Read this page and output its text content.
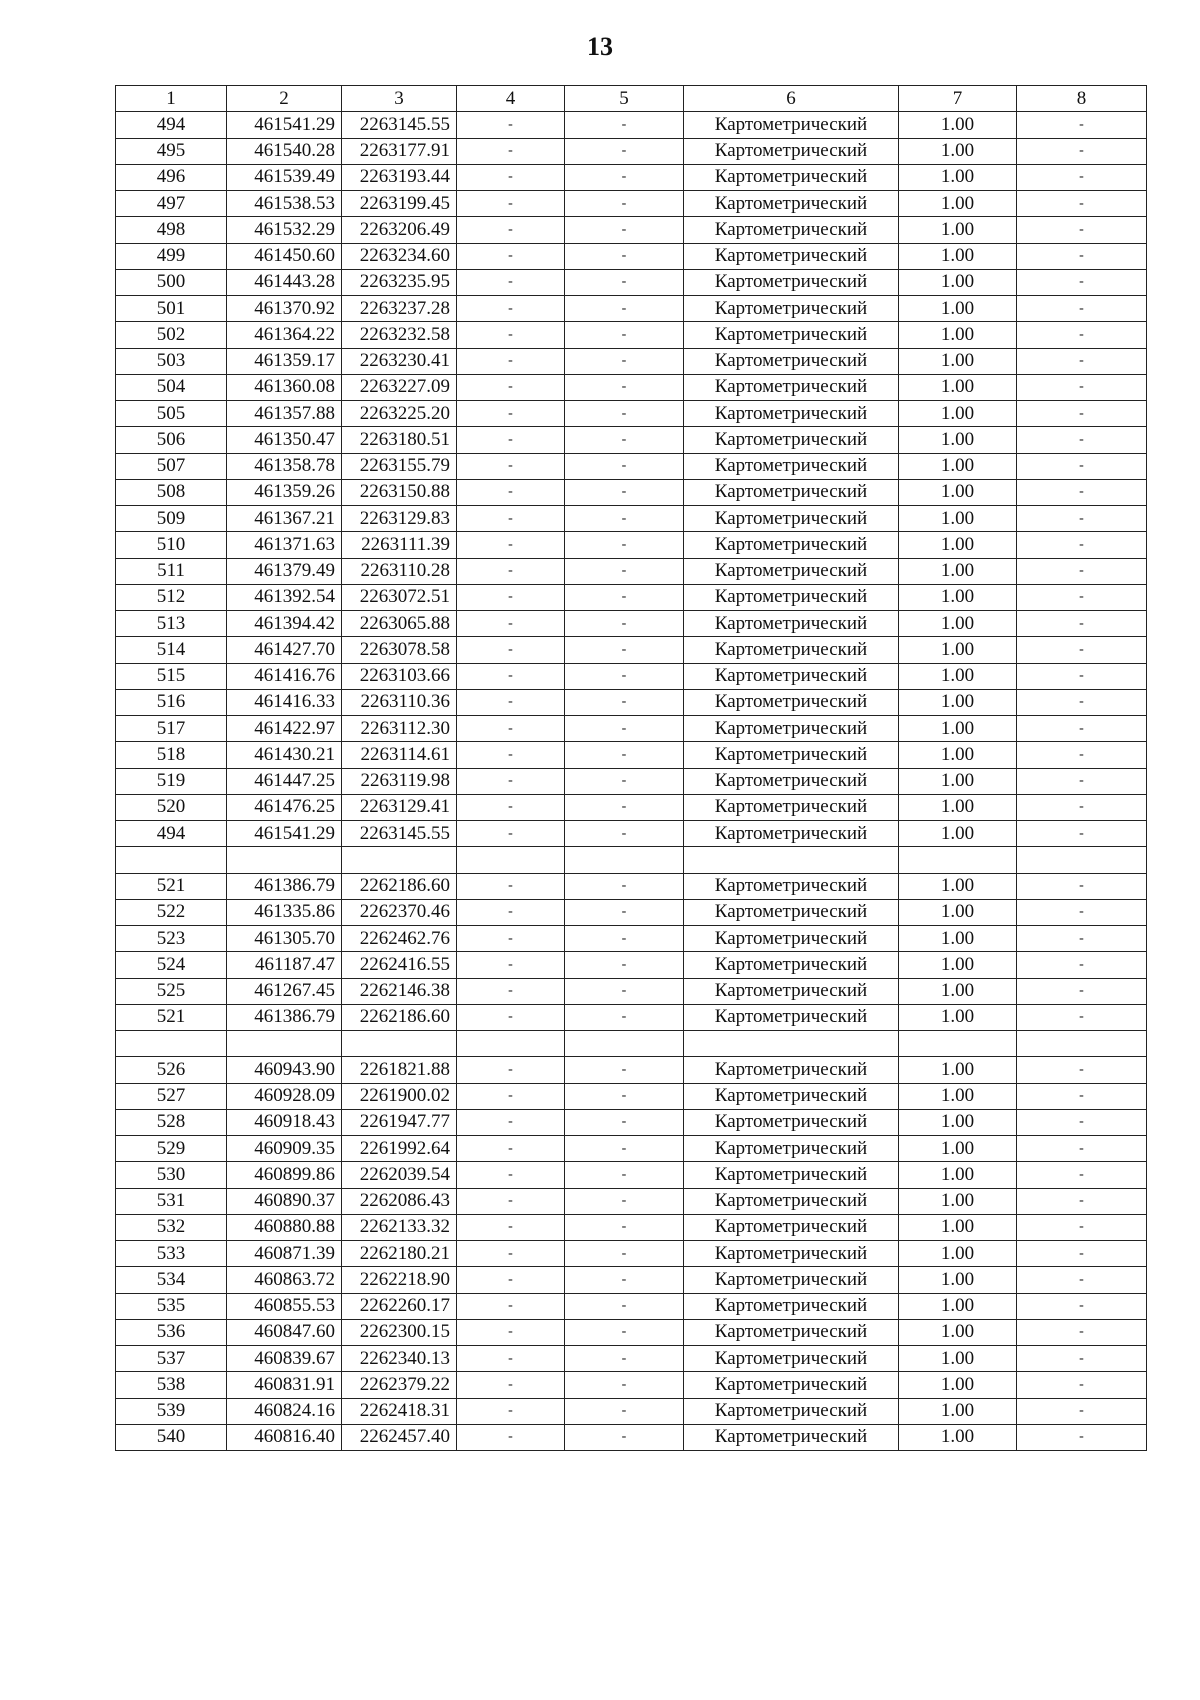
13
1	2	3	4	5	6	7	8
494	461541.29	2263145.55	-	-	Картометрический	1.00	-
495	461540.28	2263177.91	-	-	Картометрический	1.00	-
496	461539.49	2263193.44	-	-	Картометрический	1.00	-
497	461538.53	2263199.45	-	-	Картометрический	1.00	-
498	461532.29	2263206.49	-	-	Картометрический	1.00	-
499	461450.60	2263234.60	-	-	Картометрический	1.00	-
500	461443.28	2263235.95	-	-	Картометрический	1.00	-
501	461370.92	2263237.28	-	-	Картометрический	1.00	-
502	461364.22	2263232.58	-	-	Картометрический	1.00	-
503	461359.17	2263230.41	-	-	Картометрический	1.00	-
504	461360.08	2263227.09	-	-	Картометрический	1.00	-
505	461357.88	2263225.20	-	-	Картометрический	1.00	-
506	461350.47	2263180.51	-	-	Картометрический	1.00	-
507	461358.78	2263155.79	-	-	Картометрический	1.00	-
508	461359.26	2263150.88	-	-	Картометрический	1.00	-
509	461367.21	2263129.83	-	-	Картометрический	1.00	-
510	461371.63	2263111.39	-	-	Картометрический	1.00	-
511	461379.49	2263110.28	-	-	Картометрический	1.00	-
512	461392.54	2263072.51	-	-	Картометрический	1.00	-
513	461394.42	2263065.88	-	-	Картометрический	1.00	-
514	461427.70	2263078.58	-	-	Картометрический	1.00	-
515	461416.76	2263103.66	-	-	Картометрический	1.00	-
516	461416.33	2263110.36	-	-	Картометрический	1.00	-
517	461422.97	2263112.30	-	-	Картометрический	1.00	-
518	461430.21	2263114.61	-	-	Картометрический	1.00	-
519	461447.25	2263119.98	-	-	Картометрический	1.00	-
520	461476.25	2263129.41	-	-	Картометрический	1.00	-
494	461541.29	2263145.55	-	-	Картометрический	1.00	-

521	461386.79	2262186.60	-	-	Картометрический	1.00	-
522	461335.86	2262370.46	-	-	Картометрический	1.00	-
523	461305.70	2262462.76	-	-	Картометрический	1.00	-
524	461187.47	2262416.55	-	-	Картометрический	1.00	-
525	461267.45	2262146.38	-	-	Картометрический	1.00	-
521	461386.79	2262186.60	-	-	Картометрический	1.00	-

526	460943.90	2261821.88	-	-	Картометрический	1.00	-
527	460928.09	2261900.02	-	-	Картометрический	1.00	-
528	460918.43	2261947.77	-	-	Картометрический	1.00	-
529	460909.35	2261992.64	-	-	Картометрический	1.00	-
530	460899.86	2262039.54	-	-	Картометрический	1.00	-
531	460890.37	2262086.43	-	-	Картометрический	1.00	-
532	460880.88	2262133.32	-	-	Картометрический	1.00	-
533	460871.39	2262180.21	-	-	Картометрический	1.00	-
534	460863.72	2262218.90	-	-	Картометрический	1.00	-
535	460855.53	2262260.17	-	-	Картометрический	1.00	-
536	460847.60	2262300.15	-	-	Картометрический	1.00	-
537	460839.67	2262340.13	-	-	Картометрический	1.00	-
538	460831.91	2262379.22	-	-	Картометрический	1.00	-
539	460824.16	2262418.31	-	-	Картометрический	1.00	-
540	460816.40	2262457.40	-	-	Картометрический	1.00	-
